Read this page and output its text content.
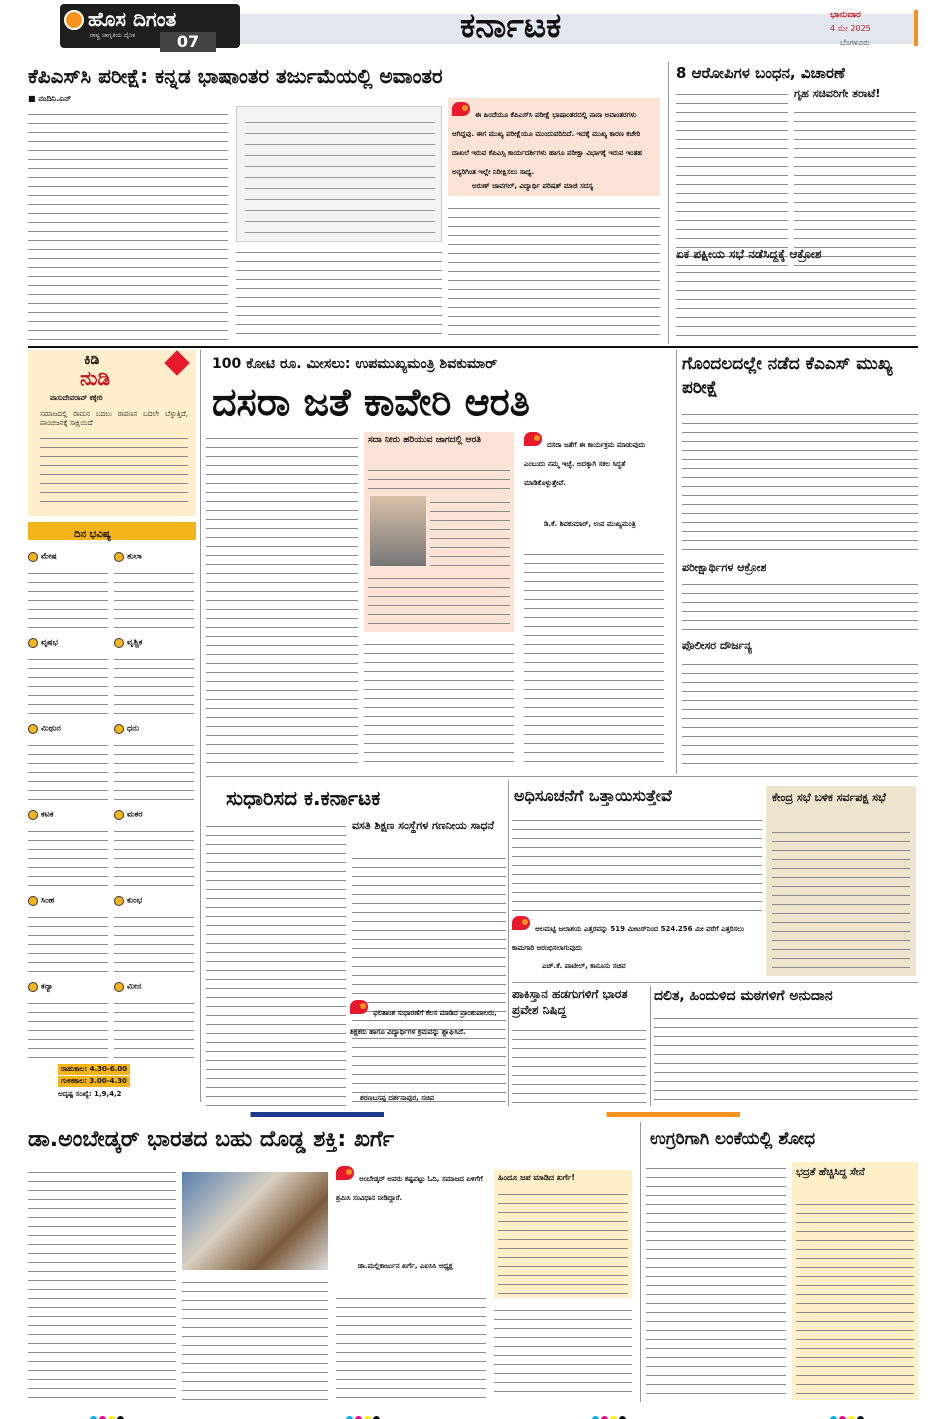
ಹೊಸ ದಿಗಂತ
ರಾಷ್ಟ್ರ ಜಾಗೃತಿಯ ದೈನಿಕ	07	ಕರ್ನಾಟಕ	ಭಾನುವಾರ
4 ಮೇ 2025
ಬೆಂಗಳೂರು
ಕೆಪಿಎಸ್‌ಸಿ ಪರೀಕ್ಷೆ: ಕನ್ನಡ ಭಾಷಾಂತರ ತರ್ಜುಮೆಯಲ್ಲಿ ಅವಾಂತರ
■ ನಂದಿನಿ.ಎನ್
ಈ ಹಿಂದೆಯೂ ಕೆಪಿಎಸ್‌ಸಿ ಪರೀಕ್ಷೆ ಭಾಷಾಂತರದಲ್ಲಿ ನಾನಾ ಅವಾಂತರಗಳು ಆಗಿದ್ದವು. ಈಗ ಮುಖ್ಯ ಪರೀಕ್ಷೆಯೂ ಮುಂದುವರಿದಿದೆ. ಇದಕ್ಕೆ ಮುಖ್ಯ ಕಾರಣ ಕಚೇರಿ ದಾಖಲೆ ಇರುವ ಕೆಪಿಎಸ್ಸಿ ಕಾರ್ಯದರ್ಶಿಗಳು ಹಾಗೂ ಪರೀಕ್ಷಾ ವಿಭಾಗಕ್ಕೆ ಇರುವ ಇಂತಹ ಅನ್ಯರಿಗಿಂತ ಇಲ್ಲೇ ನಿರೀಕ್ಷಿಸಲು ಸಾಧ್ಯ.
ಅರುಣ್ ಜಾವಗಲ್, ವಿದ್ಯಾರ್ಥಿ ಪರಿಷತ್ ಮಾಜಿ ಸದಸ್ಯ
8 ಆರೋಪಿಗಳ ಬಂಧನ, ವಿಚಾರಣೆ
ಗೃಹ ಸಚಿವರಿಗೇ ತರಾಟೆ!
ಏಕ ಪಕ್ಷೀಯ ಸಭೆ ನಡೆಸಿದ್ದಕ್ಕೆ ಆಕ್ರೋಶ
ಕಿಡಿ
ನುಡಿ
ವಾಸುದೇವರಾವ್ ಕಕ್ಕೇರಿ
ಸಮಾಜದಲ್ಲಿ ರಾಮನ ಬದಲು ರಾವಣನ ಬದಲೇ ಬೆಳ್ಳುತ್ತಿದೆ, ಪಾಂಚಜನಕ್ಕೆ ಸಾಕ್ಷಿಯಿದೆ
ದಿನ ಭವಿಷ್ಯ
ಮೇಷ	ತುಲಾ
ವೃಷಭ	ವೃಶ್ಚಿಕ
ಮಿಥುನ	ಧನು
ಕಟಕ	ಮಕರ
ಸಿಂಹ	ಕುಂಭ
ಕನ್ಯಾ	ಮೀನ
ರಾಹುಕಾಲ: 4.30-6.00
ಗುಳಿಕಕಾಲ: 3.00-4.30
ಅದೃಷ್ಟ ಸಂಖ್ಯೆ: 1,9,4,2
100 ಕೋಟಿ ರೂ. ಮೀಸಲು: ಉಪಮುಖ್ಯಮಂತ್ರಿ ಶಿವಕುಮಾರ್
ದಸರಾ ಜತೆ ಕಾವೇರಿ ಆರತಿ
ಸದಾ ನೀರು ಹರಿಯುವ ಜಾಗದಲ್ಲಿ ಆರತಿ	ದಸರಾ ಜತೆಗೆ ಈ ಕಾರ್ಯಕ್ರಮ ಮಾಡುವುದು ಎಂಬುದು ನಮ್ಮ ಇಚ್ಛೆ. ಅದಕ್ಕಾಗಿ ಸಕಲ ಸಿದ್ಧತೆ ಮಾಡಿಕೊಳ್ಳುತ್ತೇವೆ.
ಡಿ.ಕೆ. ಶಿವಕುಮಾರ್, ಉಪ ಮುಖ್ಯಮಂತ್ರಿ
ಗೊಂದಲದಲ್ಲೇ ನಡೆದ ಕೆಎಎಸ್ ಮುಖ್ಯ ಪರೀಕ್ಷೆ
ಪರೀಕ್ಷಾರ್ಥಿಗಳ ಆಕ್ರೋಶ
ಪೊಲೀಸರ ದೌರ್ಜನ್ಯ
ಸುಧಾರಿಸದ ಕ.ಕರ್ನಾಟಕ
ವಸತಿ ಶಿಕ್ಷಣ ಸಂಸ್ಥೆಗಳ ಗಣನೀಯ ಸಾಧನೆ
ಅಧಿಸೂಚನೆಗೆ ಒತ್ತಾಯಿಸುತ್ತೇವೆ
ಆಲಮಟ್ಟಿ ಜಲಾಶಯ ಎತ್ತರವನ್ನು 519 ಮೀಟರ್‌ನಿಂದ 524.256 ಮೀ ವರೆಗೆ ಎತ್ತರಿಸಲು ಕಾಮಗಾರಿ ಆರಂಭಿಸಲಾಗುವುದು
ಎಚ್.ಕೆ. ಪಾಟೀಲ್, ಕಾನೂನು ಸಚಿವ
ಕೇಂದ್ರ ಸಭೆ ಬಳಿಕ ಸರ್ವಪಕ್ಷ ಸಭೆ
ಫಲಿತಾಂಶ ಸುಧಾರಣೆಗೆ ಕೆಲಸ ಮಾಡಿದ ಪ್ರಾಂಶುಪಾಲರು, ಶಿಕ್ಷಕರು ಹಾಗೂ ವಿದ್ಯಾರ್ಥಿಗಳ ಕ್ರಮವನ್ನು ಶ್ಲಾಘಿಸಿದೆ.
ಶರಣಬಸಪ್ಪ ದರ್ಶನಾಪುರ, ಸಚಿವ
ಪಾಕಿಸ್ತಾನ ಹಡಗುಗಳಿಗೆ ಭಾರತ ಪ್ರವೇಶ ನಿಷಿದ್ಧ
ದಲಿತ, ಹಿಂದುಳಿದ ಮಠಗಳಿಗೆ ಅನುದಾನ
ಡಾ.ಅಂಬೇಡ್ಕರ್ ಭಾರತದ ಬಹು ದೊಡ್ಡ ಶಕ್ತಿ: ಖರ್ಗೆ
ಅಂಬೇಡ್ಕರ್ ಅವರು ಕಷ್ಟಪಟ್ಟು ಓದಿ, ಸಮಾಜದ ಏಳಿಗೆಗೆ ಶ್ರಮಿಸಿ ಸಂವಿಧಾನ ನೀಡಿದ್ದಾರೆ.
ಡಾ.ಮಲ್ಲಿಕಾರ್ಜುನ ಖರ್ಗೆ, ಎಐಸಿಸಿ ಅಧ್ಯಕ್ಷ
ಹಿಂದೂ ಜಪ ಮಾಡಿದ ಖರ್ಗೆ!
ಉಗ್ರರಿಗಾಗಿ ಲಂಕೆಯಲ್ಲಿ ಶೋಧ
ಭದ್ರತೆ ಹೆಚ್ಚಿಸಿದ್ದ ಸೇನೆ
